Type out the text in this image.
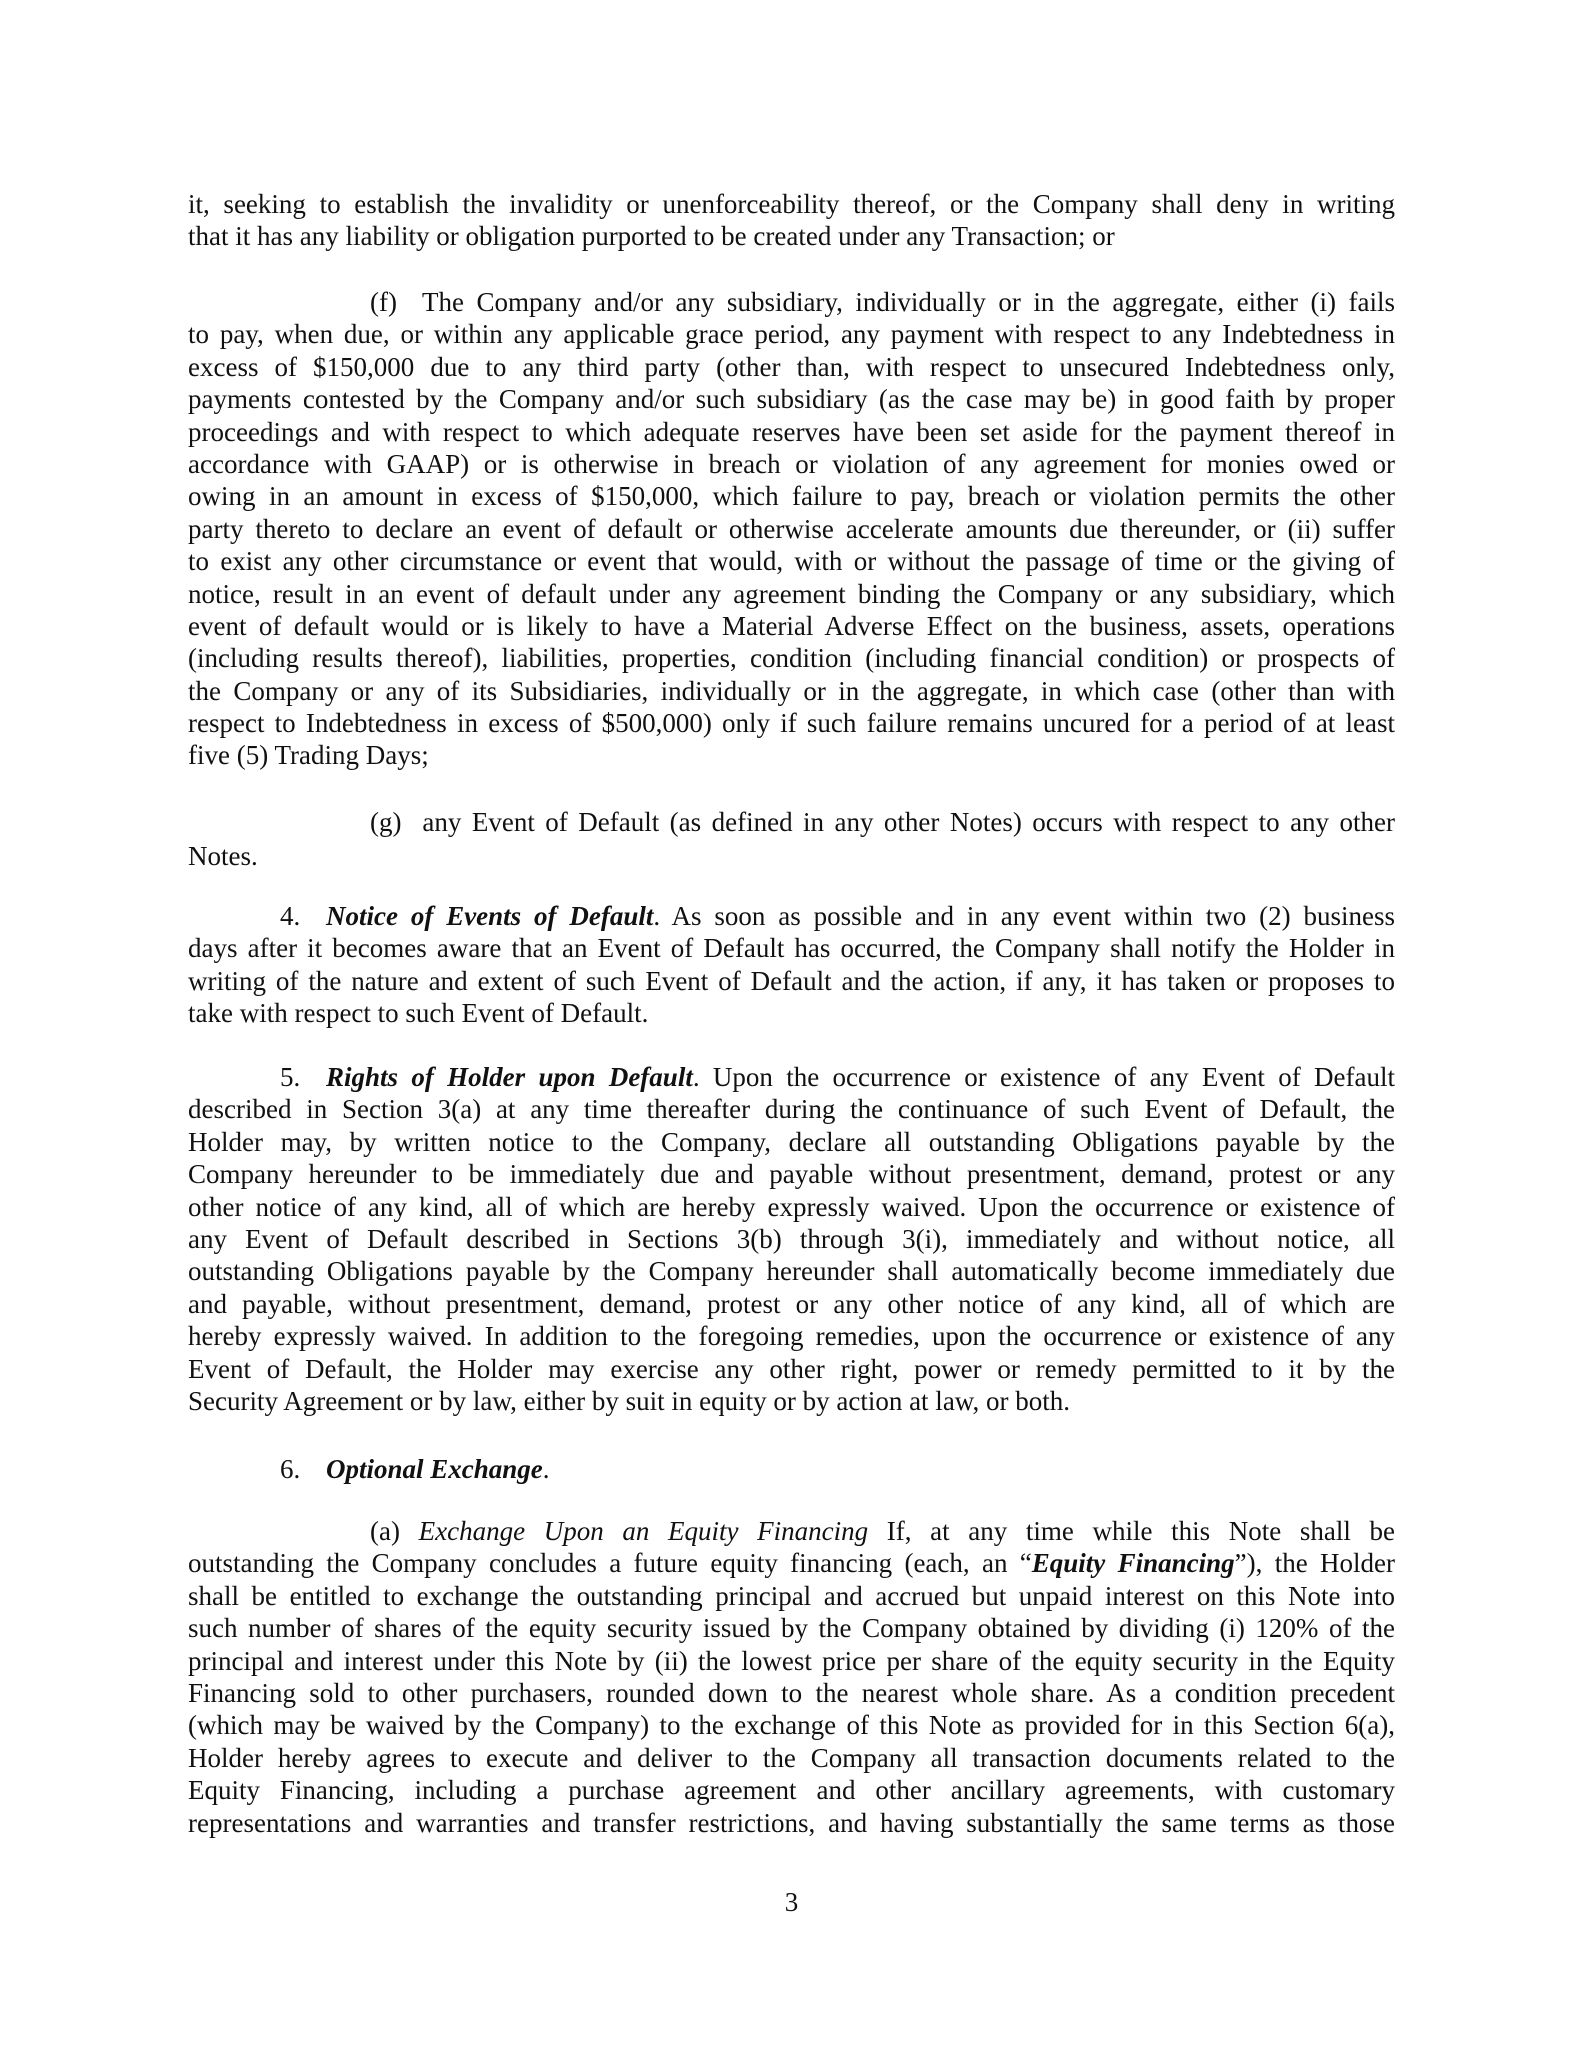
it, seeking to establish the invalidity or unenforceability thereof, or the Company shall deny in writing
that it has any liability or obligation purported to be created under any Transaction; or
(f) The Company and/or any subsidiary, individually or in the aggregate, either (i) fails
to pay, when due, or within any applicable grace period, any payment with respect to any Indebtedness in
excess of $150,000 due to any third party (other than, with respect to unsecured Indebtedness only,
payments contested by the Company and/or such subsidiary (as the case may be) in good faith by proper
proceedings and with respect to which adequate reserves have been set aside for the payment thereof in
accordance with GAAP) or is otherwise in breach or violation of any agreement for monies owed or
owing in an amount in excess of $150,000, which failure to pay, breach or violation permits the other
party thereto to declare an event of default or otherwise accelerate amounts due thereunder, or (ii) suffer
to exist any other circumstance or event that would, with or without the passage of time or the giving of
notice, result in an event of default under any agreement binding the Company or any subsidiary, which
event of default would or is likely to have a Material Adverse Effect on the business, assets, operations
(including results thereof), liabilities, properties, condition (including financial condition) or prospects of
the Company or any of its Subsidiaries, individually or in the aggregate, in which case (other than with
respect to Indebtedness in excess of $500,000) only if such failure remains uncured for a period of at least
five (5) Trading Days;
(g) any Event of Default (as defined in any other Notes) occurs with respect to any other
Notes.
4. Notice of Events of Default. As soon as possible and in any event within two (2) business
days after it becomes aware that an Event of Default has occurred, the Company shall notify the Holder in
writing of the nature and extent of such Event of Default and the action, if any, it has taken or proposes to
take with respect to such Event of Default.
5. Rights of Holder upon Default. Upon the occurrence or existence of any Event of Default
described in Section 3(a) at any time thereafter during the continuance of such Event of Default, the
Holder may, by written notice to the Company, declare all outstanding Obligations payable by the
Company hereunder to be immediately due and payable without presentment, demand, protest or any
other notice of any kind, all of which are hereby expressly waived. Upon the occurrence or existence of
any Event of Default described in Sections 3(b) through 3(i), immediately and without notice, all
outstanding Obligations payable by the Company hereunder shall automatically become immediately due
and payable, without presentment, demand, protest or any other notice of any kind, all of which are
hereby expressly waived. In addition to the foregoing remedies, upon the occurrence or existence of any
Event of Default, the Holder may exercise any other right, power or remedy permitted to it by the
Security Agreement or by law, either by suit in equity or by action at law, or both.
6. Optional Exchange.
(a) Exchange Upon an Equity Financing If, at any time while this Note shall be
outstanding the Company concludes a future equity financing (each, an “Equity Financing”), the Holder
shall be entitled to exchange the outstanding principal and accrued but unpaid interest on this Note into
such number of shares of the equity security issued by the Company obtained by dividing (i) 120% of the
principal and interest under this Note by (ii) the lowest price per share of the equity security in the Equity
Financing sold to other purchasers, rounded down to the nearest whole share. As a condition precedent
(which may be waived by the Company) to the exchange of this Note as provided for in this Section 6(a),
Holder hereby agrees to execute and deliver to the Company all transaction documents related to the
Equity Financing, including a purchase agreement and other ancillary agreements, with customary
representations and warranties and transfer restrictions, and having substantially the same terms as those
3
